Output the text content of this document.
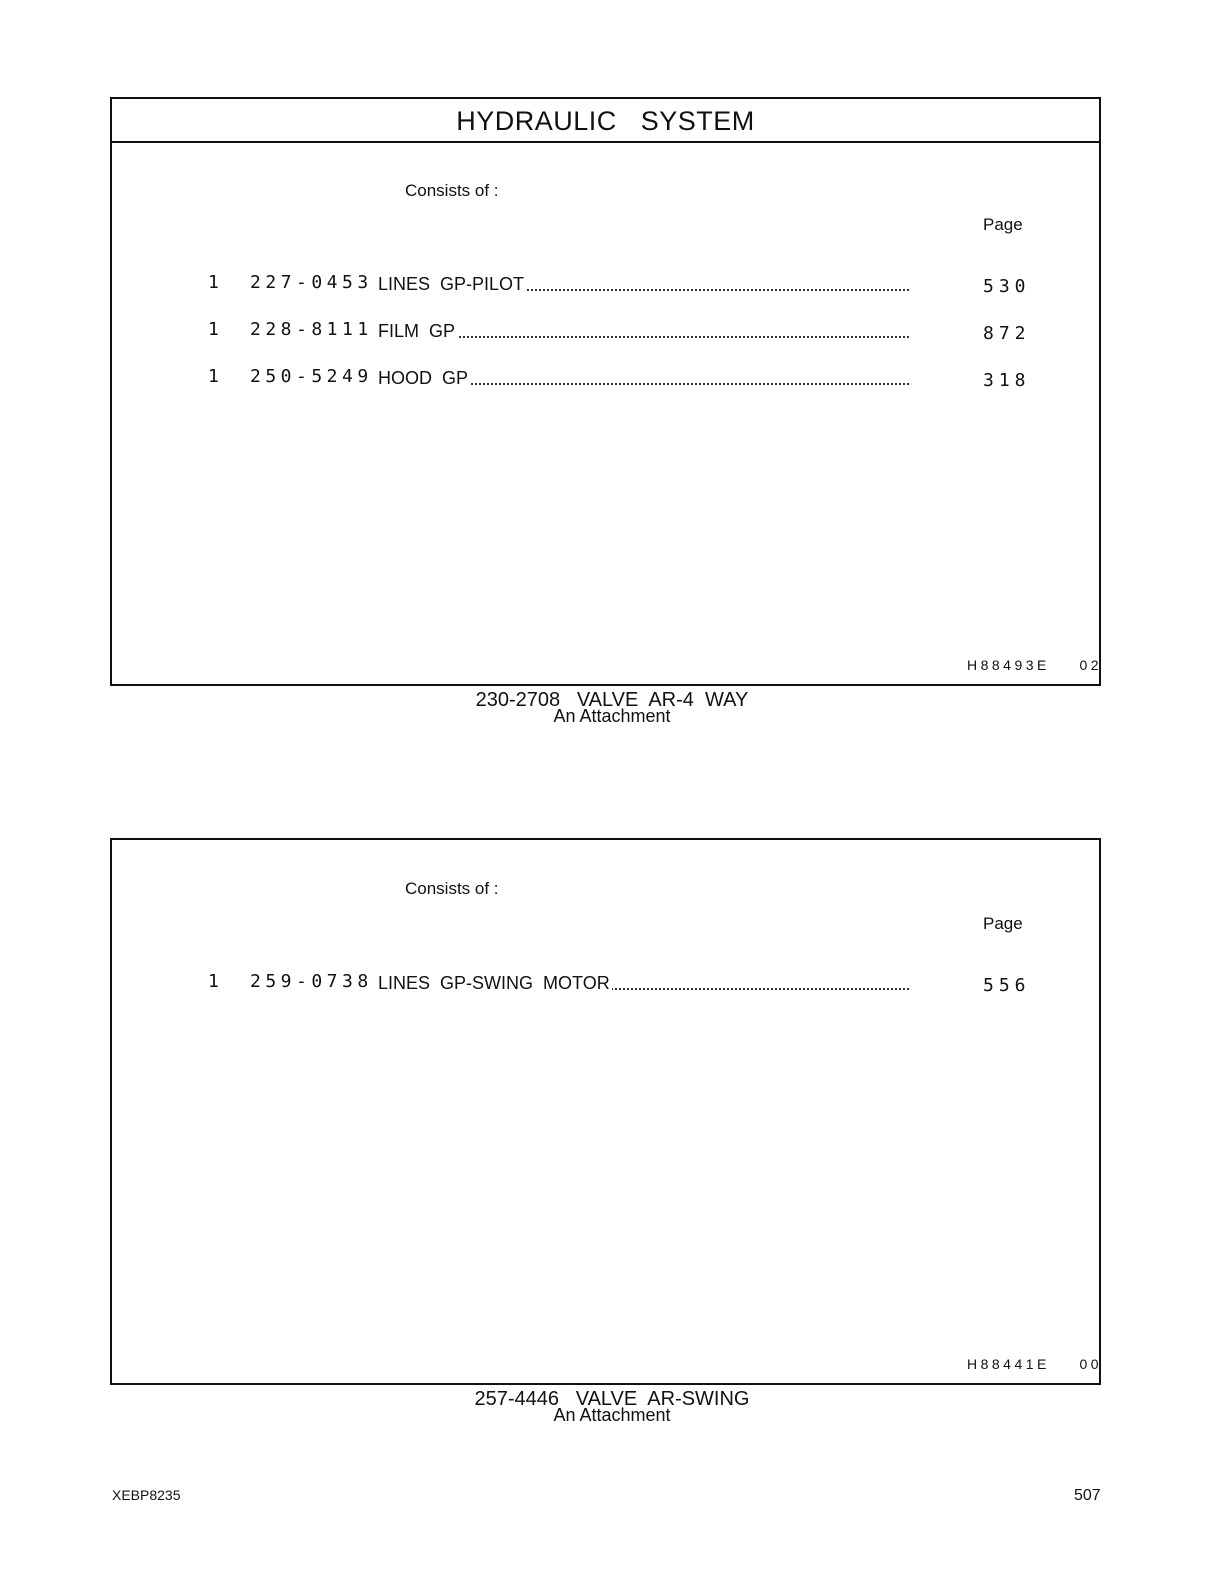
HYDRAULIC   SYSTEM
Consists of :
Page
1 227-0453 LINES  GP-PILOT	530
1 228-8111 FILM  GP	872
1 250-5249 HOOD  GP	318
H88493E    02
230-2708   VALVE  AR-4  WAY
An Attachment
Consists of :
Page
1 259-0738 LINES  GP-SWING  MOTOR	556
H88441E    00
257-4446   VALVE  AR-SWING
An Attachment
XEBP8235	507
